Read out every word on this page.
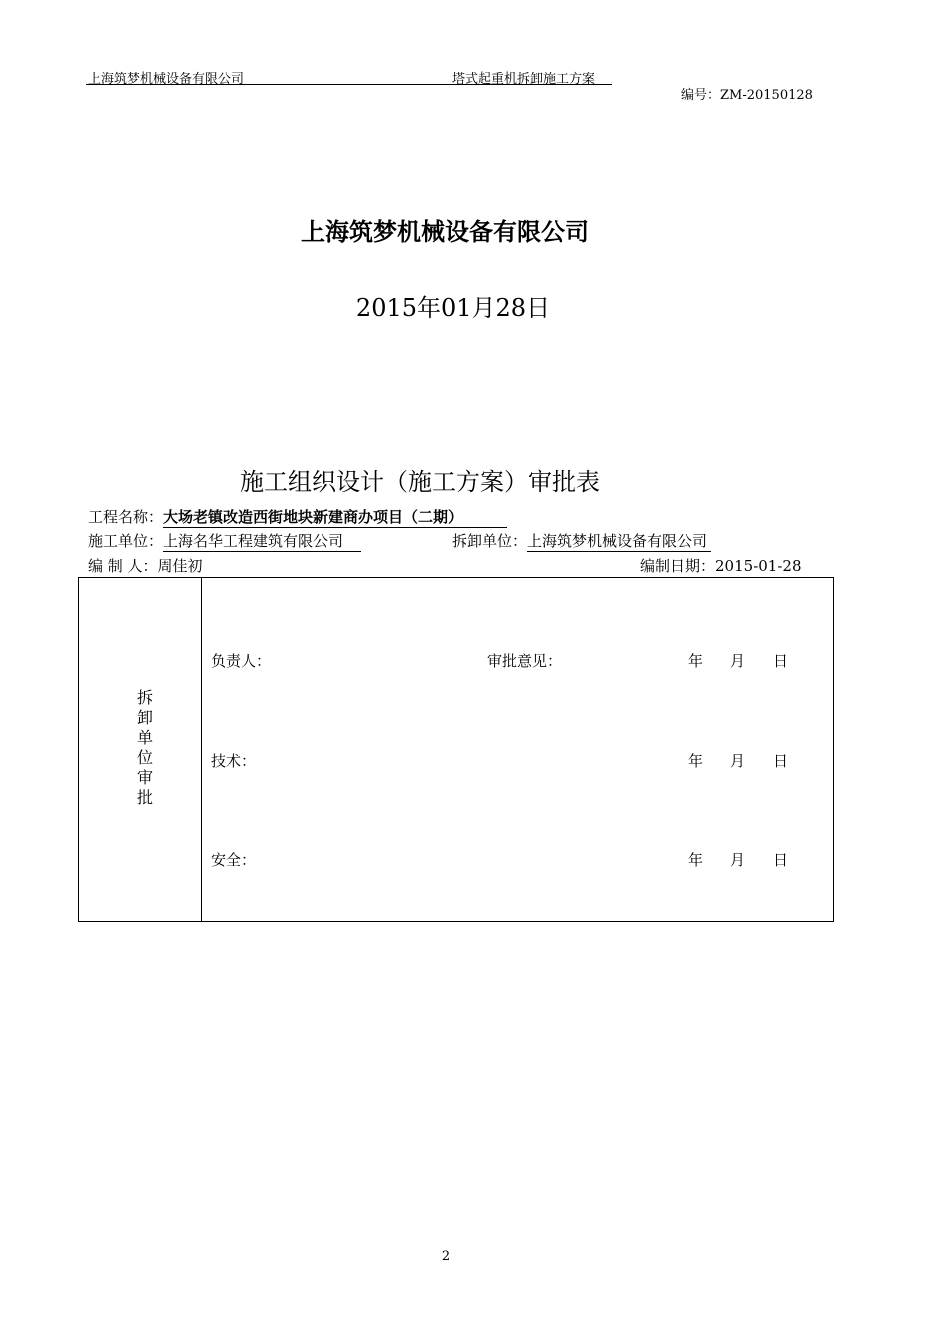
上海筑梦机械设备有限公司	塔式起重机拆卸施工方案
编号：ZM-20150128
上海筑梦机械设备有限公司
2015年01月28日
施工组织设计（施工方案）审批表
工程名称：大场老镇改造西街地块新建商办项目（二期）
施工单位：上海名华工程建筑有限公司	拆卸单位：上海筑梦机械设备有限公司
编 制 人：周佳初	编制日期：2015-01-28
拆
卸
单
位
审
批
负责人：	审批意见：	年 月 日
技术：	年 月 日
安全：	年 月 日
2
